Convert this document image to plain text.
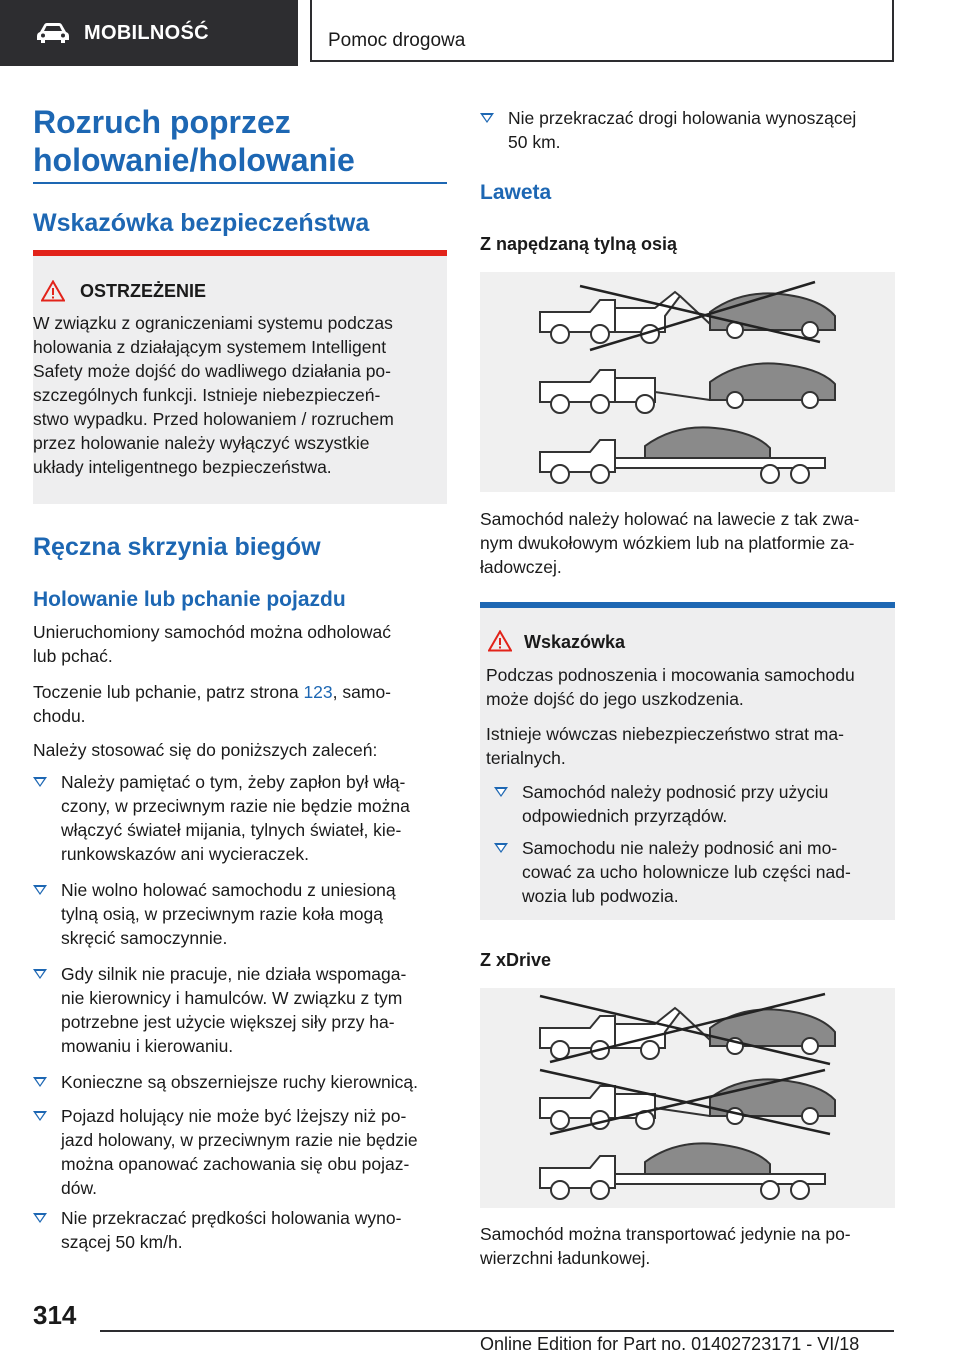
MOBILNOŚĆ	Pomoc drogowa
Rozruch poprzez
holowanie/holowanie
Wskazówka bezpieczeństwa
OSTRZEŻENIE
W związku z ograniczeniami systemu podczas
holowania z działającym systemem Intelligent
Safety może dojść do wadliwego działania po-
szczególnych funkcji. Istnieje niebezpieczeń-
stwo wypadku. Przed holowaniem / rozruchem
przez holowanie należy wyłączyć wszystkie
układy inteligentnego bezpieczeństwa.
Ręczna skrzynia biegów
Holowanie lub pchanie pojazdu
Unieruchomiony samochód można odholować
lub pchać.
Toczenie lub pchanie, patrz strona 123, samo-
chodu.
Należy stosować się do poniższych zaleceń:
Należy pamiętać o tym, żeby zapłon był włą-
czony, w przeciwnym razie nie będzie można
włączyć świateł mijania, tylnych świateł, kie-
runkowskazów ani wycieraczek.
Nie wolno holować samochodu z uniesioną
tylną osią, w przeciwnym razie koła mogą
skręcić samoczynnie.
Gdy silnik nie pracuje, nie działa wspomaga-
nie kierownicy i hamulców. W związku z tym
potrzebne jest użycie większej siły przy ha-
mowaniu i kierowaniu.
Konieczne są obszerniejsze ruchy kierownicą.
Pojazd holujący nie może być lżejszy niż po-
jazd holowany, w przeciwnym razie nie będzie
można opanować zachowania się obu pojaz-
dów.
Nie przekraczać prędkości holowania wyno-
szącej 50 km/h.
Nie przekraczać drogi holowania wynoszącej
50 km.
Laweta
Z napędzaną tylną osią
Samochód należy holować na lawecie z tak zwa-
nym dwukołowym wózkiem lub na platformie za-
ładowczej.
Wskazówka
Podczas podnoszenia i mocowania samochodu
może dojść do jego uszkodzenia.
Istnieje wówczas niebezpieczeństwo strat ma-
terialnych.
Samochód należy podnosić przy użyciu
odpowiednich przyrządów.
Samochodu nie należy podnosić ani mo-
cować za ucho holownicze lub części nad-
wozia lub podwozia.
Z xDrive
Samochód można transportować jedynie na po-
wierzchni ładunkowej.
314
Online Edition for Part no. 01402723171 - VI/18
